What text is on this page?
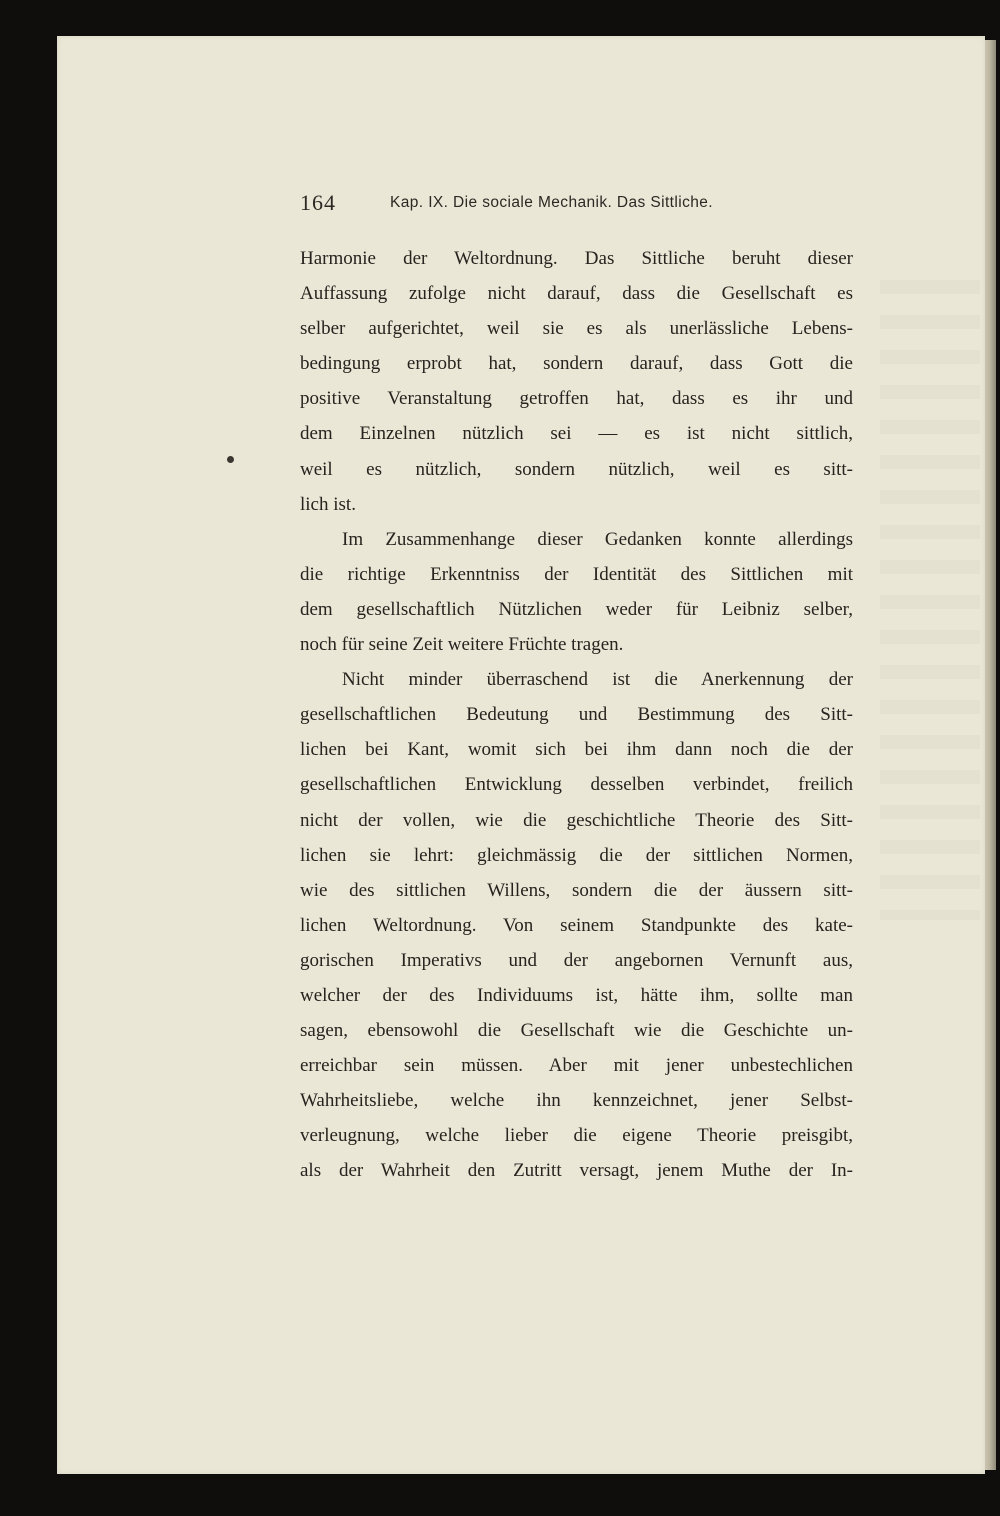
164	Kap. IX. Die sociale Mechanik. Das Sittliche.
Harmonie der Weltordnung. Das Sittliche beruht dieser
Auffassung zufolge nicht darauf, dass die Gesellschaft es
selber aufgerichtet, weil sie es als unerlässliche Lebens-
bedingung erprobt hat, sondern darauf, dass Gott die
positive Veranstaltung getroffen hat, dass es ihr und
dem Einzelnen nützlich sei — es ist nicht sittlich,
weil es nützlich, sondern nützlich, weil es sitt-
lich ist.
Im Zusammenhange dieser Gedanken konnte allerdings
die richtige Erkenntniss der Identität des Sittlichen mit
dem gesellschaftlich Nützlichen weder für Leibniz selber,
noch für seine Zeit weitere Früchte tragen.
Nicht minder überraschend ist die Anerkennung der
gesellschaftlichen Bedeutung und Bestimmung des Sitt-
lichen bei Kant, womit sich bei ihm dann noch die der
gesellschaftlichen Entwicklung desselben verbindet, freilich
nicht der vollen, wie die geschichtliche Theorie des Sitt-
lichen sie lehrt: gleichmässig die der sittlichen Normen,
wie des sittlichen Willens, sondern die der äussern sitt-
lichen Weltordnung. Von seinem Standpunkte des kate-
gorischen Imperativs und der angebornen Vernunft aus,
welcher der des Individuums ist, hätte ihm, sollte man
sagen, ebensowohl die Gesellschaft wie die Geschichte un-
erreichbar sein müssen. Aber mit jener unbestechlichen
Wahrheitsliebe, welche ihn kennzeichnet, jener Selbst-
verleugnung, welche lieber die eigene Theorie preisgibt,
als der Wahrheit den Zutritt versagt, jenem Muthe der In-
